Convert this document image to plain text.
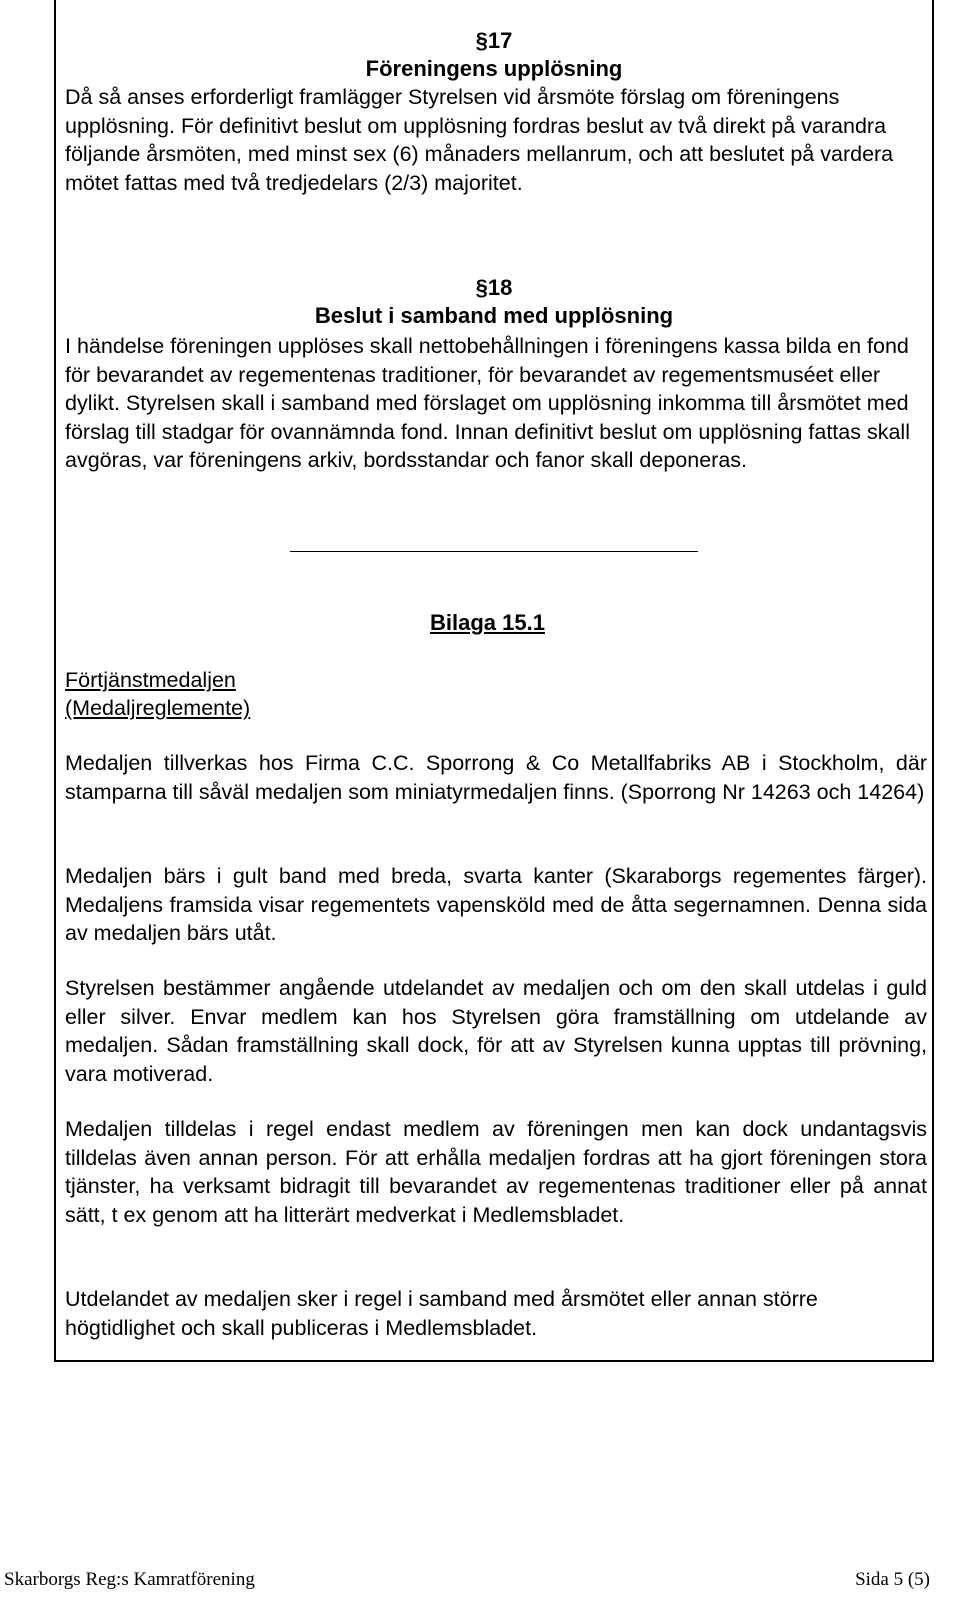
§17
Föreningens upplösning
Då så anses erforderligt framlägger Styrelsen vid årsmöte förslag om föreningens upplösning. För definitivt beslut om upplösning fordras beslut av två direkt på varandra följande årsmöten, med minst sex (6) månaders mellanrum, och att beslutet på vardera mötet fattas med två tredjedelars (2/3) majoritet.
§18
Beslut i samband med upplösning
I händelse föreningen upplöses skall nettobehållningen i föreningens kassa bilda en fond för bevarandet av regementenas traditioner, för bevarandet av regementsmuséet eller dylikt. Styrelsen skall i samband med förslaget om upplösning inkomma till årsmötet med förslag till stadgar för ovannämnda fond. Innan definitivt beslut om upplösning fattas skall avgöras, var föreningens arkiv, bordsstandar och fanor skall deponeras.
Bilaga 15.1
Förtjänstmedaljen
(Medaljreglemente)
Medaljen tillverkas hos Firma C.C. Sporrong & Co Metallfabriks AB i Stockholm, där stamparna till såväl medaljen som miniatyrmedaljen finns. (Sporrong Nr 14263 och 14264)
Medaljen bärs i gult band med breda, svarta kanter (Skaraborgs regementes färger). Medaljens framsida visar regementets vapensköld med de åtta segernamnen. Denna sida av medaljen bärs utåt.
Styrelsen bestämmer angående utdelandet av medaljen och om den skall utdelas i guld eller silver. Envar medlem kan hos Styrelsen göra framställning om utdelande av medaljen. Sådan framställning skall dock, för att av Styrelsen kunna upptas till prövning, vara motiverad.
Medaljen tilldelas i regel endast medlem av föreningen men kan dock undantagsvis tilldelas även annan person. För att erhålla medaljen fordras att ha gjort föreningen stora tjänster, ha verksamt bidragit till bevarandet av regementenas traditioner eller på annat sätt, t ex genom att ha litterärt medverkat i Medlemsbladet.
Utdelandet av medaljen sker i regel i samband med årsmötet eller annan större högtidlighet och skall publiceras i Medlemsbladet.
Skarborgs Reg:s Kamratförening	Sida 5 (5)
